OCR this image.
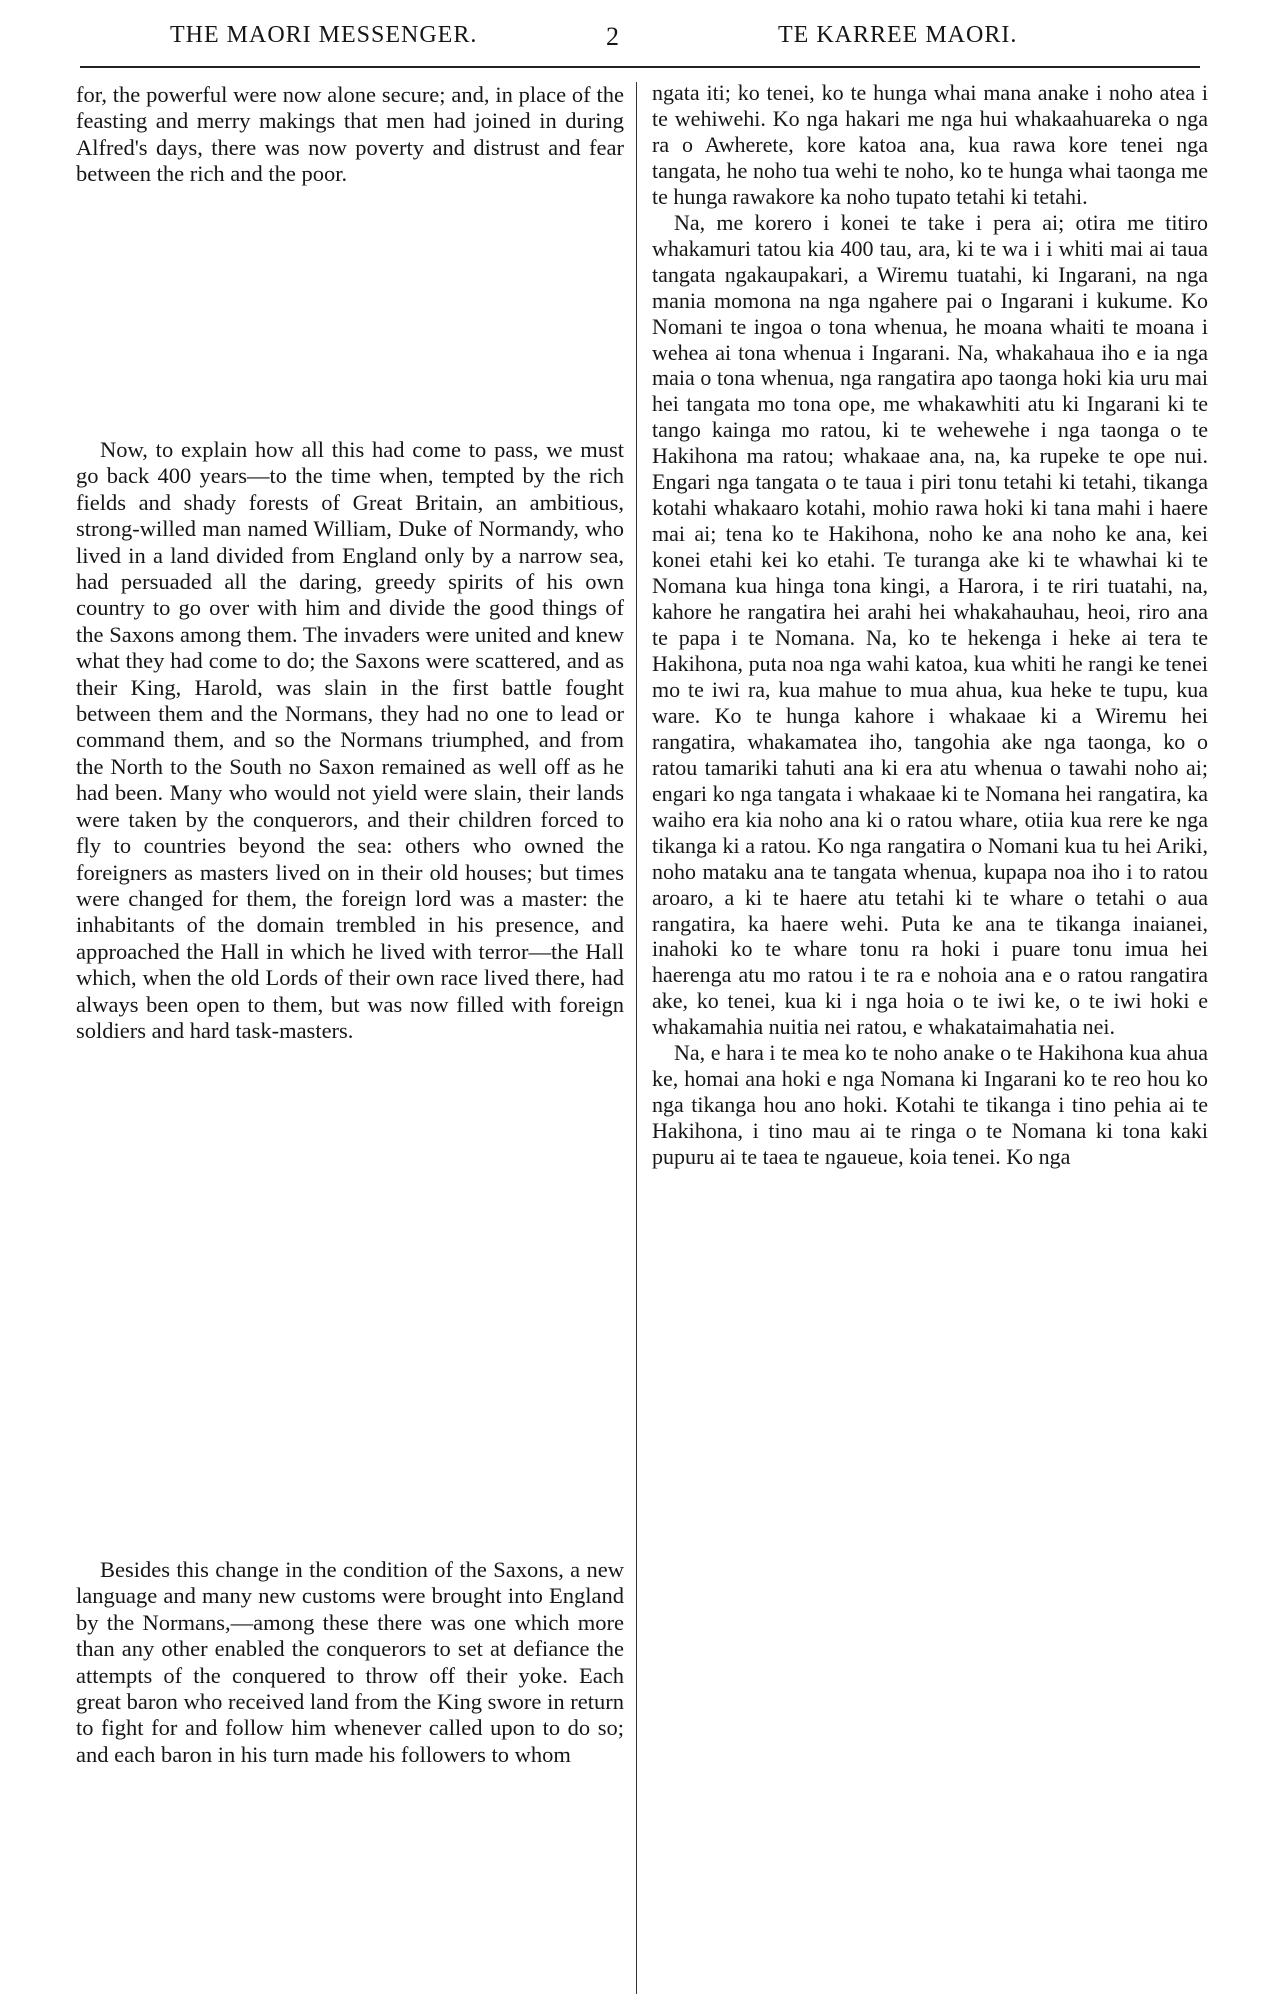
THE MAORI MESSENGER.	2	TE KARREE MAORI.

for, the powerful were now alone secure; and, in place of the feasting and merry makings that men had joined in during Alfred's days, there was now poverty and distrust and fear between the rich and the poor.

Now, to explain how all this had come to pass, we must go back 400 years—to the time when, tempted by the rich fields and shady forests of Great Britain, an ambitious, strong-willed man named William, Duke of Normandy, who lived in a land divided from England only by a narrow sea, had persuaded all the daring, greedy spirits of his own country to go over with him and divide the good things of the Saxons among them. The invaders were united and knew what they had come to do; the Saxons were scattered, and as their King, Harold, was slain in the first battle fought between them and the Normans, they had no one to lead or command them, and so the Normans triumphed, and from the North to the South no Saxon remained as well off as he had been. Many who would not yield were slain, their lands were taken by the conquerors, and their children forced to fly to countries beyond the sea: others who owned the foreigners as masters lived on in their old houses; but times were changed for them, the foreign lord was a master: the inhabitants of the domain trembled in his presence, and approached the Hall in which he lived with terror—the Hall which, when the old Lords of their own race lived there, had always been open to them, but was now filled with foreign soldiers and hard task-masters.

Besides this change in the condition of the Saxons, a new language and many new customs were brought into England by the Normans,—among these there was one which more than any other enabled the conquerors to set at defiance the attempts of the conquered to throw off their yoke. Each great baron who received land from the King swore in return to fight for and follow him whenever called upon to do so; and each baron in his turn made his followers to whom

ngata iti; ko tenei, ko te hunga whai mana anake i noho atea i te wehiwehi. Ko nga hakari me nga hui whakaahuareka o nga ra o Awherete, kore katoa ana, kua rawa kore tenei nga tangata, he noho tua wehi te noho, ko te hunga whai taonga me te hunga rawakore ka noho tupato tetahi ki tetahi.

Na, me korero i konei te take i pera ai; otira me titiro whakamuri tatou kia 400 tau, ara, ki te wa i i whiti mai ai taua tangata ngakaupakari, a Wiremu tuatahi, ki Ingarani, na nga mania momona na nga ngahere pai o Ingarani i kukume. Ko Nomani te ingoa o tona whenua, he moana whaiti te moana i wehea ai tona whenua i Ingarani. Na, whakahaua iho e ia nga maia o tona whenua, nga rangatira apo taonga hoki kia uru mai hei tangata mo tona ope, me whakawhiti atu ki Ingarani ki te tango kainga mo ratou, ki te wehewehe i nga taonga o te Hakihona ma ratou; whakaae ana, na, ka rupeke te ope nui. Engari nga tangata o te taua i piri tonu tetahi ki tetahi, tikanga kotahi whakaaro kotahi, mohio rawa hoki ki tana mahi i haere mai ai; tena ko te Hakihona, noho ke ana noho ke ana, kei konei etahi kei ko etahi. Te turanga ake ki te whawhai ki te Nomana kua hinga tona kingi, a Harora, i te riri tuatahi, na, kahore he rangatira hei arahi hei whakahauhau, heoi, riro ana te papa i te Nomana. Na, ko te hekenga i heke ai tera te Hakihona, puta noa nga wahi katoa, kua whiti he rangi ke tenei mo te iwi ra, kua mahue to mua ahua, kua heke te tupu, kua ware. Ko te hunga kahore i whakaae ki a Wiremu hei rangatira, whakamatea iho, tangohia ake nga taonga, ko o ratou tamariki tahuti ana ki era atu whenua o tawahi noho ai; engari ko nga tangata i whakaae ki te Nomana hei rangatira, ka waiho era kia noho ana ki o ratou whare, otiia kua rere ke nga tikanga ki a ratou. Ko nga rangatira o Nomani kua tu hei Ariki, noho mataku ana te tangata whenua, kupapa noa iho i to ratou aroaro, a ki te haere atu tetahi ki te whare o tetahi o aua rangatira, ka haere wehi. Puta ke ana te tikanga inaianei, inahoki ko te whare tonu ra hoki i puare tonu imua hei haerenga atu mo ratou i te ra e nohoia ana e o ratou rangatira ake, ko tenei, kua ki i nga hoia o te iwi ke, o te iwi hoki e whakamahia nuitia nei ratou, e whakataimahatia nei.

Na, e hara i te mea ko te noho anake o te Hakihona kua ahua ke, homai ana hoki e nga Nomana ki Ingarani ko te reo hou ko nga tikanga hou ano hoki. Kotahi te tikanga i tino pehia ai te Hakihona, i tino mau ai te ringa o te Nomana ki tona kaki pupuru ai te taea te ngaueue, koia tenei. Ko nga
